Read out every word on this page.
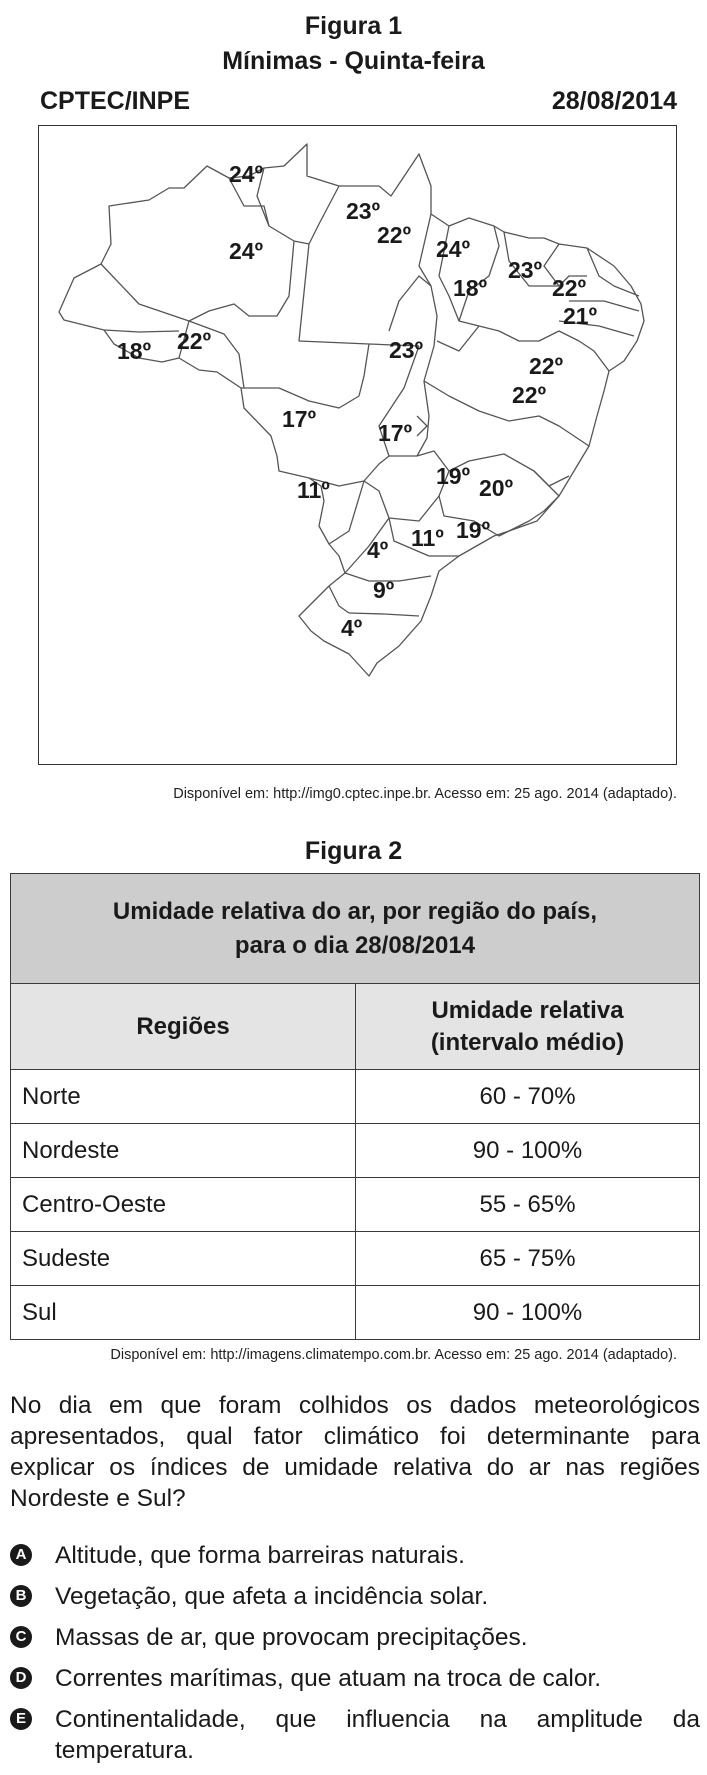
Figura 1
Mínimas - Quinta-feira
CPTEC/INPE	28/08/2014
24º
23º
22º
24º	24º
23º
18º	22º
21º
18º 22º	23º
22º
22º
17º
17º
19º 20º
11º
11º 19º
4º
9º
4º
Disponível em: http://img0.cptec.inpe.br. Acesso em: 25 ago. 2014 (adaptado).
Figura 2
Umidade relativa do ar, por região do país,
para o dia 28/08/2014	

Regiões	Umidade relativa
(intervalo médio)

Norte	60 - 70%
Nordeste	90 - 100%
Centro-Oeste	55 - 65%
Sudeste	65 - 75%
Sul	90 - 100%
Disponível em: http://imagens.climatempo.com.br. Acesso em: 25 ago. 2014 (adaptado).

No dia em que foram colhidos os dados meteorológicos apresentados, qual fator climático foi determinante para explicar os índices de umidade relativa do ar nas regiões Nordeste e Sul?

A Altitude, que forma barreiras naturais.
B Vegetação, que afeta a incidência solar.
C Massas de ar, que provocam precipitações.
D Correntes marítimas, que atuam na troca de calor.
E Continentalidade, que influencia na amplitude da temperatura.
